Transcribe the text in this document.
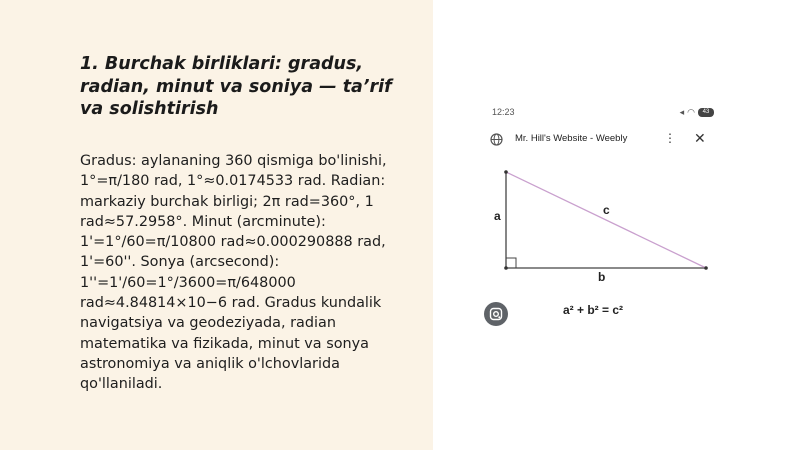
1. Burchak birliklari: gradus, radian, minut va soniya — ta’rif va solishtirish

Gradus: aylananing 360 qismiga bo'linishi, 1°=π/180 rad, 1°≈0.0174533 rad. Radian: markaziy burchak birligi; 2π rad=360°, 1 rad≈57.2958°. Minut (arcminute): 1'=1°/60=π/10800 rad≈0.000290888 rad, 1'=60''. Sonya (arcsecond): 1''=1'/60=1°/3600=π/648000 rad≈4.84814×10−6 rad. Gradus kundalik navigatsiya va geodeziyada, radian matematika va fizikada, minut va sonya astronomiya va aniqlik o'lchovlarida qo'llaniladi.

12:23	◂ ◠	43
Mr. Hill's Website - Weebly	⋮ ✕
a	c
b
a² + b² = c²
